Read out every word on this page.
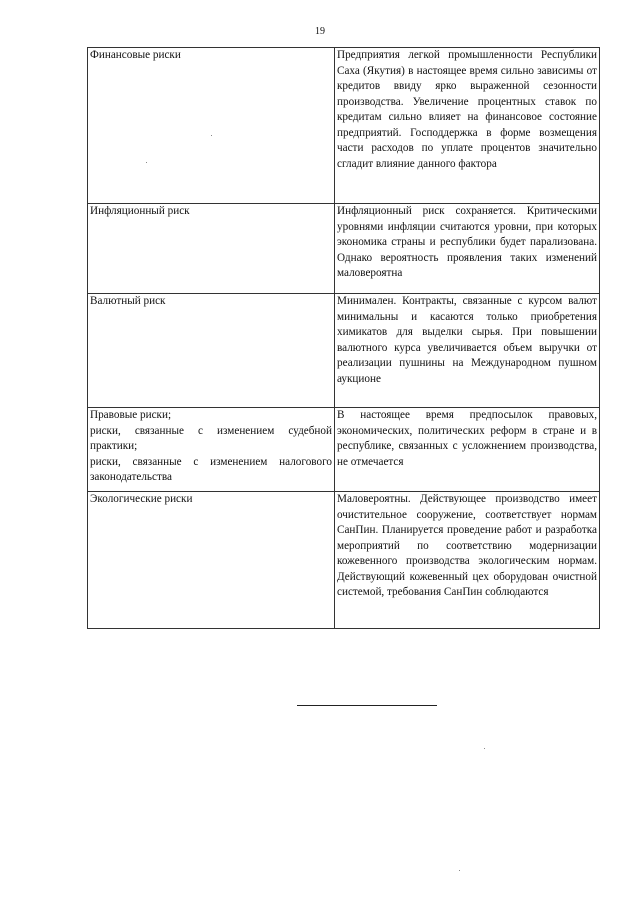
19
Финансовые риски	Предприятия легкой промышленности Республики Саха (Якутия) в настоящее время сильно зависимы от кредитов ввиду ярко выраженной сезонности производства. Увеличение процентных ставок по кредитам сильно влияет на финансовое состояние предприятий. Господдержка в форме возмещения части расходов по уплате процентов значительно сгладит влияние данного фактора

Инфляционный риск	Инфляционный риск сохраняется. Критическими уровнями инфляции считаются уровни, при которых экономика страны и республики будет парализована. Однако вероятность проявления таких изменений маловероятна

Валютный риск	Минимален. Контракты, связанные с курсом валют минимальны и касаются только приобретения химикатов для выделки сырья. При повышении валютного курса увеличивается объем выручки от реализации пушнины на Международном пушном аукционе

Правовые риски;
риски, связанные с изменением судебной практики;
риски, связанные с изменением налогового законодательства	В настоящее время предпосылок правовых, экономических, политических реформ в стране и в республике, связанных с усложнением производства, не отмечается

Экологические риски	Маловероятны. Действующее производство имеет очистительное сооружение, соответствует нормам СанПин. Планируется проведение работ и разработка мероприятий по соответствию модернизации кожевенного производства экологическим нормам. Действующий кожевенный цех оборудован очистной системой, требования СанПин соблюдаются
